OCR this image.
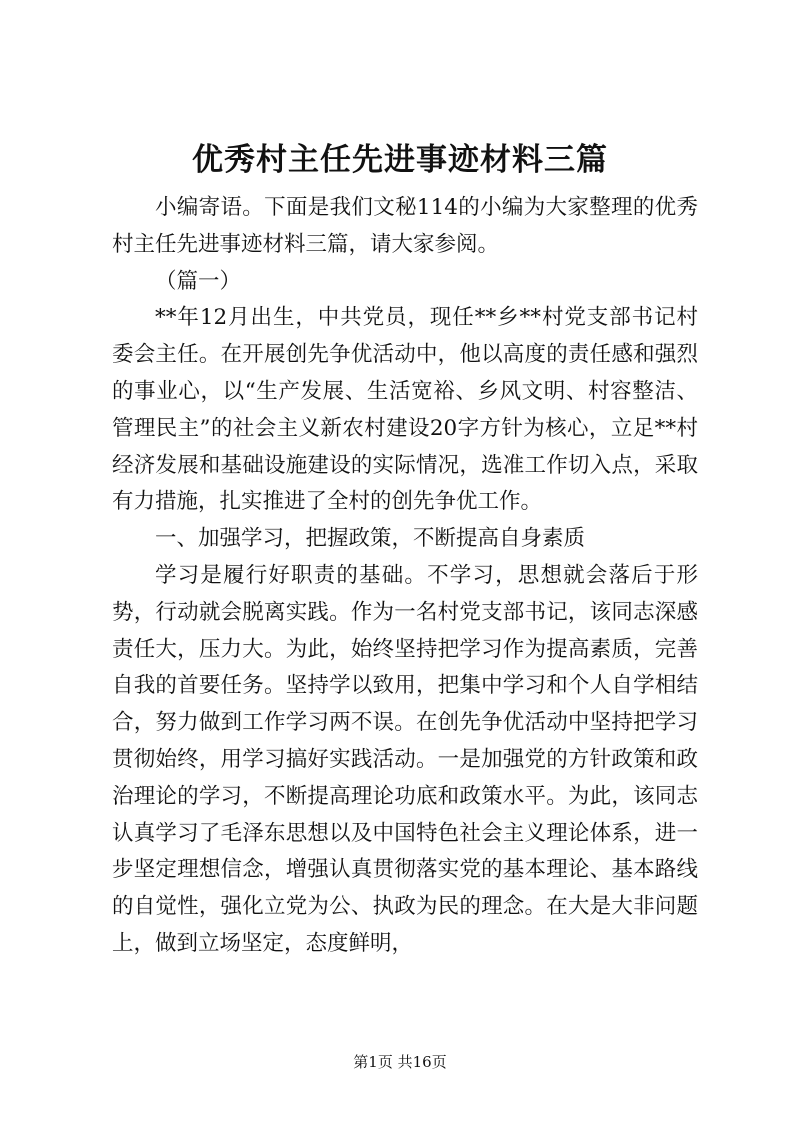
优秀村主任先进事迹材料三篇

小编寄语。下面是我们文秘114的小编为大家整理的优秀村主任先进事迹材料三篇，请大家参阅。

（篇一）

**年12月出生，中共党员，现任**乡**村党支部书记村委会主任。在开展创先争优活动中，他以高度的责任感和强烈的事业心，以“生产发展、生活宽裕、乡风文明、村容整洁、管理民主”的社会主义新农村建设20字方针为核心，立足**村经济发展和基础设施建设的实际情况，选准工作切入点，采取有力措施，扎实推进了全村的创先争优工作。

一、加强学习，把握政策，不断提高自身素质

学习是履行好职责的基础。不学习，思想就会落后于形势，行动就会脱离实践。作为一名村党支部书记，该同志深感责任大，压力大。为此，始终坚持把学习作为提高素质，完善自我的首要任务。坚持学以致用，把集中学习和个人自学相结合，努力做到工作学习两不误。在创先争优活动中坚持把学习贯彻始终，用学习搞好实践活动。一是加强党的方针政策和政治理论的学习，不断提高理论功底和政策水平。为此，该同志认真学习了毛泽东思想以及中国特色社会主义理论体系，进一步坚定理想信念，增强认真贯彻落实党的基本理论、基本路线的自觉性，强化立党为公、执政为民的理念。在大是大非问题上，做到立场坚定，态度鲜明，

第1页 共16页
